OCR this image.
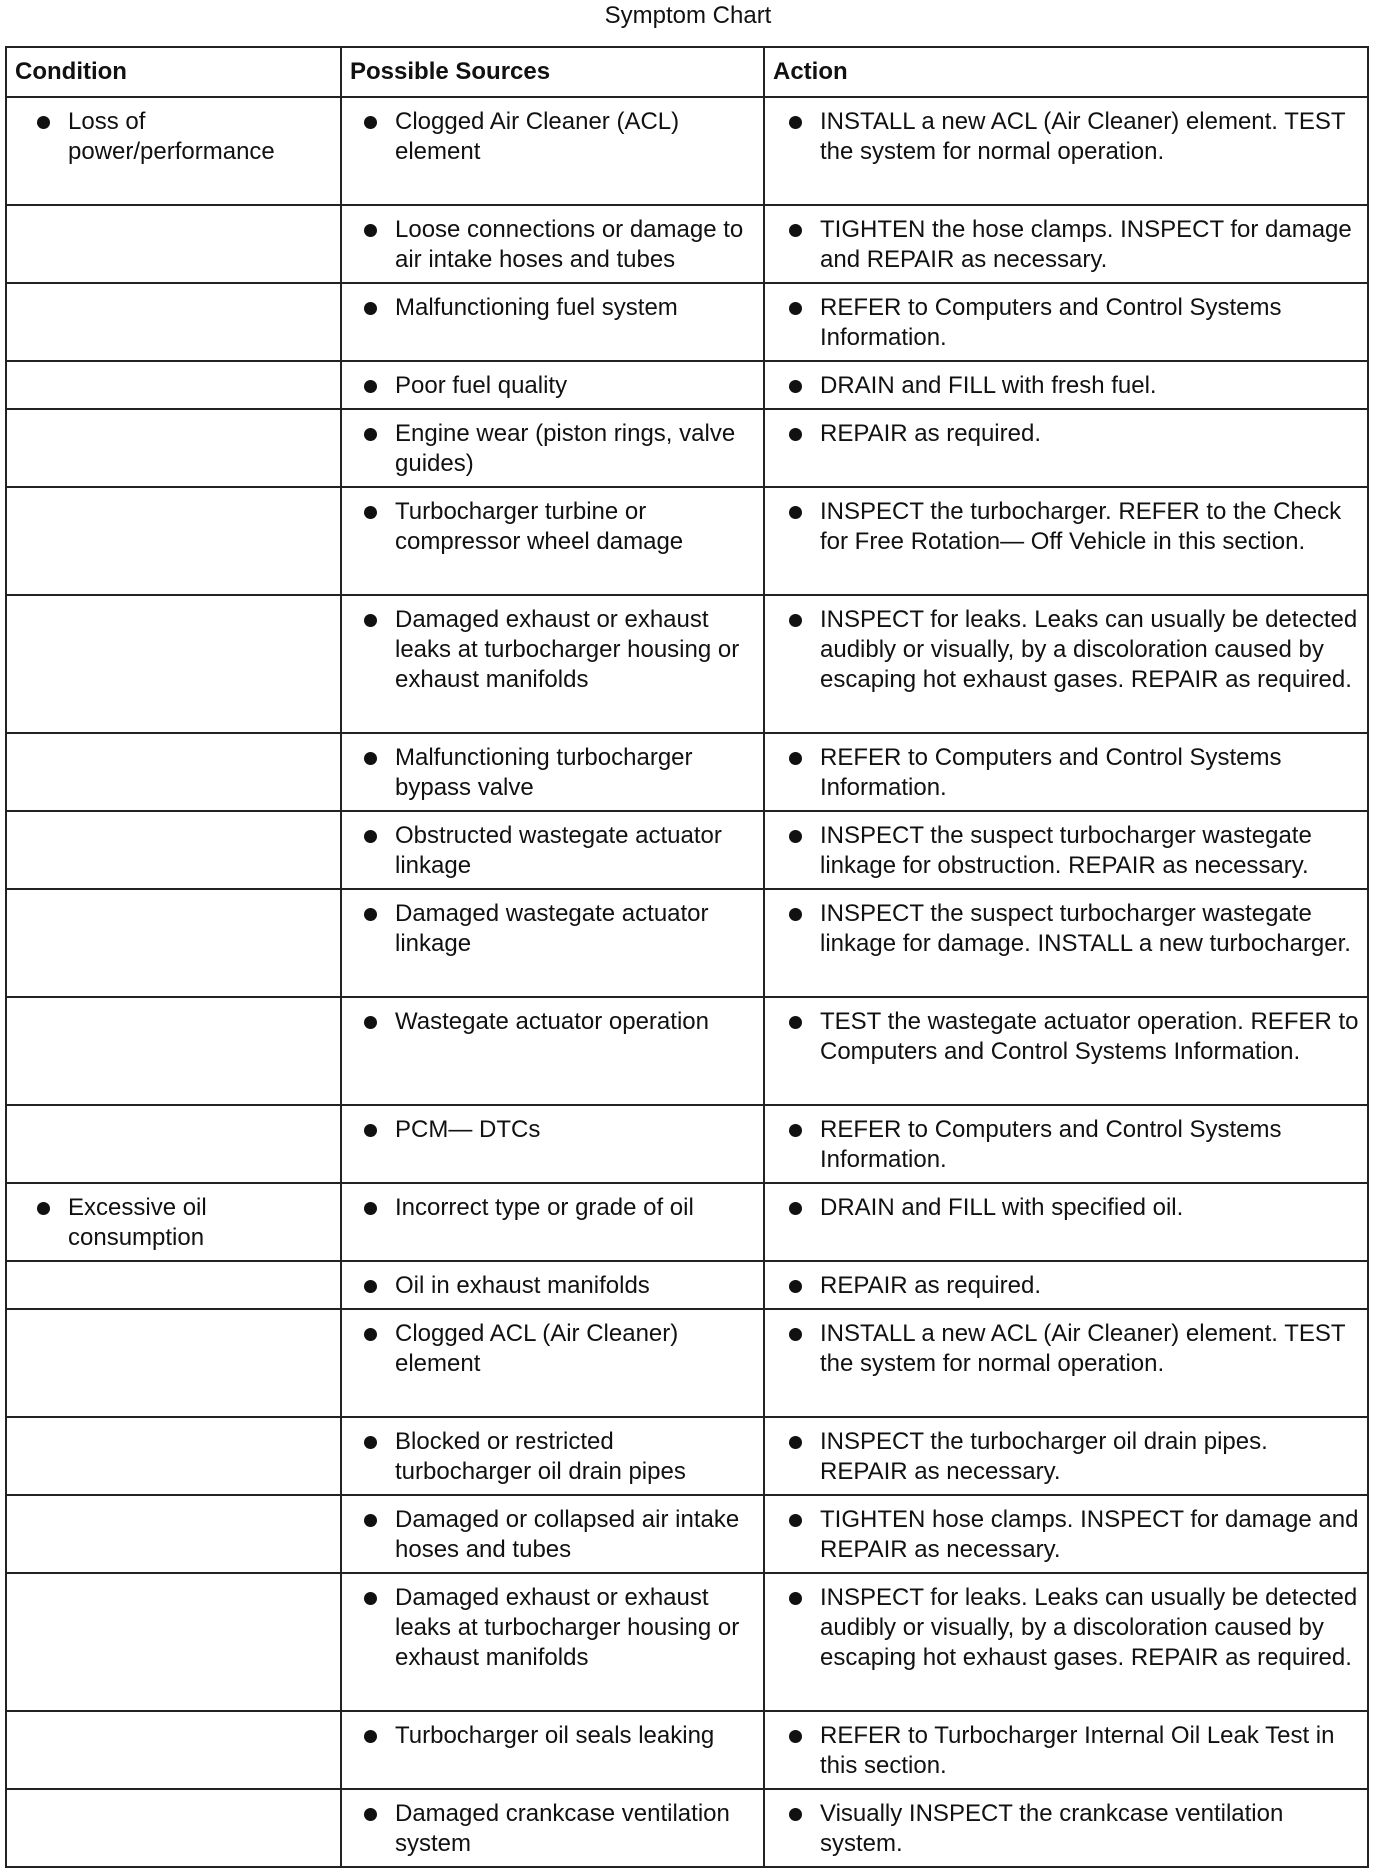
Symptom Chart
Condition	Possible Sources	Action

Loss of power/performance	Clogged Air Cleaner (ACL) element	INSTALL a new ACL (Air Cleaner) element. TEST the system for normal operation.

	Loose connections or damage to air intake hoses and tubes	TIGHTEN the hose clamps. INSPECT for damage and REPAIR as necessary.

	Malfunctioning fuel system	REFER to Computers and Control Systems Information.

	Poor fuel quality	DRAIN and FILL with fresh fuel.

	Engine wear (piston rings, valve guides)	REPAIR as required.

	Turbocharger turbine or compressor wheel damage	INSPECT the turbocharger. REFER to the Check for Free Rotation— Off Vehicle in this section.

	Damaged exhaust or exhaust leaks at turbocharger housing or exhaust manifolds	INSPECT for leaks. Leaks can usually be detected audibly or visually, by a discoloration caused by escaping hot exhaust gases. REPAIR as required.

	Malfunctioning turbocharger bypass valve	REFER to Computers and Control Systems Information.

	Obstructed wastegate actuator linkage	INSPECT the suspect turbocharger wastegate linkage for obstruction. REPAIR as necessary.

	Damaged wastegate actuator linkage	INSPECT the suspect turbocharger wastegate linkage for damage. INSTALL a new turbocharger.

	Wastegate actuator operation	TEST the wastegate actuator operation. REFER to Computers and Control Systems Information.

	PCM— DTCs	REFER to Computers and Control Systems Information.

Excessive oil consumption	Incorrect type or grade of oil	DRAIN and FILL with specified oil.

	Oil in exhaust manifolds	REPAIR as required.

	Clogged ACL (Air Cleaner) element	INSTALL a new ACL (Air Cleaner) element. TEST the system for normal operation.

	Blocked or restricted turbocharger oil drain pipes	INSPECT the turbocharger oil drain pipes. REPAIR as necessary.

	Damaged or collapsed air intake hoses and tubes	TIGHTEN hose clamps. INSPECT for damage and REPAIR as necessary.

	Damaged exhaust or exhaust leaks at turbocharger housing or exhaust manifolds	INSPECT for leaks. Leaks can usually be detected audibly or visually, by a discoloration caused by escaping hot exhaust gases. REPAIR as required.

	Turbocharger oil seals leaking	REFER to Turbocharger Internal Oil Leak Test in this section.

	Damaged crankcase ventilation system	Visually INSPECT the crankcase ventilation system.
